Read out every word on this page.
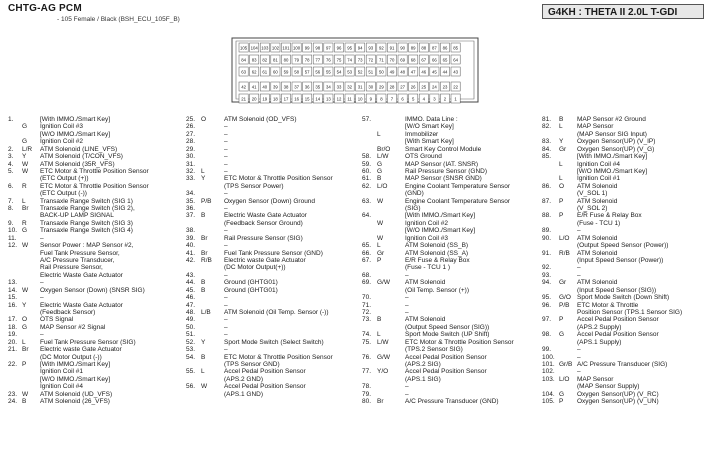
CHTG-AG PCM
- 105 Female / Black (BSH_ECU_105F_B)
G4KH : THETA II 2.0L T-GDI
105 104 103 102 101 100 99 98 97 96 95 94 93 92 91 90 89 88 87 86 85
84 83 82 81 80 79 78 77 76 75 74 73 72 71 70 69 68 67 66 65 64
63 62 61 60 59 58 57 56 55 54 53 52 51 50 49 48 47 46 45 44 43
42 41 40 39 38 37 36 35 34 33 32 31 30 29 28 27 26 25 24 23 22
21 20 19 18 17 16 15 14 13 12 11 10 9 8 7 6 5 4 3 2 1
1.	[With IMMO./Smart Key]
G	Ignition Coil #3
[W/O IMMO./Smart Key]
G	Ignition Coil #2
2.	L/R	ATM Solenoid (LINE_VFS)
3.	Y	ATM Solenoid (T/CON_VFS)
4.	W	ATM Solenoid (35R_VFS)
5.	W	ETC Motor & Throttle Position Sensor
(ETC Output (+))
6.	R	ETC Motor & Throttle Position Sensor
(ETC Output (-))
7.	L	Transaxle Range Switch (SIG 1)
8.	Br	Transaxle Range Switch (SIG 2),
BACK-UP LAMP SIGNAL
9.	R	Transaxle Range Switch (SIG 3)
10. G	Transaxle Range Switch (SIG 4)
11.	–
12. W	Sensor Power : MAP Sensor #2,
Fuel Tank Pressure Sensor,
A/C Pressure Transducer,
Rail Pressure Sensor,
Electric Waste Gate Actuator
13.	–
14. W	Oxygen Sensor (Down) (SNSR SIG)
15.	–
16. Y	Electric Waste Gate Actuator
(Feedback Sensor)
17. O	OTS Signal
18. G	MAP Sensor #2 Signal
19.	–
20. L	Fuel Tank Pressure Sensor (SIG)
21. Br	Electric waste Gate Actuator
(DC Motor Output (-))
22. P	[With IMMO./Smart Key]
Ignition Coil #1
[W/O IMMO./Smart Key]
Ignition Coil #4
23. W	ATM Solenoid (UD_VFS)
24. B	ATM Solenoid (26_VFS)
25. O	ATM Solenoid (OD_VFS)
26.	–
27.	–
28.	–
29.	–
30.	–
31.	–
32. L	–
33. Y	ETC Motor & Throttle Position Sensor
(TPS Sensor Power)
34.	–
35. P/B	Oxygen Sensor (Down) Ground
36.	–
37. B	Electric Waste Gate Actuator
(Feedback Sensor Ground)
38.	–
39. Br	Rail Pressure Sensor (SIG)
40.	–
41. Br	Fuel Tank Pressure Sensor (GND)
42. R/B	Electric waste Gate Actuator
(DC Motor Output(+))
43.	–
44. B	Ground (GHTG01)
45. B	Ground (GHTG01)
46.	–
47.	–
48. L/B	ATM Solenoid (Oil Temp. Sensor (-))
49.	–
50.	–
51.	–
52. Y	Sport Mode Switch (Select Switch)
53.	–
54. B	ETC Motor & Throttle Position Sensor
(TPS Sensor GND)
55. L	Accel Pedal Position Sensor
(APS.2 GND)
56. W	Accel Pedal Position Sensor
(APS.1 GND)
57.	IMMO. Data Line :
[W/O Smart Key]
L	Immobilizer
[With Smart Key]
Br/O	Smart Key Control Module
58. L/W	OTS Ground
59. G	MAP Sensor (IAT. SNSR)
60. G	Rail Pressure Sensor (GND)
61. B	MAP Sensor (SNSR GND)
62. L/O	Engine Coolant Temperature Sensor
(GND)
63. W	Engine Coolant Temperature Sensor
(SIG)
64.	[With IMMO./Smart Key]
W	Ignition Coil #2
[W/O IMMO./Smart Key]
W	Ignition Coil #3
65. L	ATM Solenoid (SS_B)
66. Gr	ATM Solenoid (SS_A)
67. P	E/R Fuse & Relay Box
(Fuse - TCU 1 )
68.	–
69. G/W	ATM Solenoid
(Oil Temp. Sensor (+))
70.	–
71.	–
72.	–
73. B	ATM Solenoid
(Output Speed Sensor (SIG))
74. L	Sport Mode Switch (UP Shift)
75. L/W	ETC Motor & Throttle Position Sensor
(TPS.2 Sensor SIG)
76. G/W	Accel Pedal Position Sensor
(APS.2 SIG)
77. Y/O	Accel Pedal Position Sensor
(APS.1 SIG)
78.	–
79.	–
80. Br	A/C Pressure Transducer (GND)
81.	B	MAP Sensor #2 Ground
82.	L	MAP Sensor
(MAP Sensor SIG Input)
83.	Y	Oxygen Sensor(UP) (V_IP)
84.	Gr	Oxygen Sensor(UP) (V_G)
85.	[With IMMO./Smart Key]
L	Ignition Coil #4
[W/O IMMO./Smart Key]
L	Ignition Coil #1
86.	O	ATM Solenoid
(V_SOL 1)
87.	P	ATM Solenoid
(V_SOL 2)
88.	P	E/R Fuse & Relay Box
(Fuse - TCU 1)
89.	–
90.	L/O	ATM Solenoid
(Output Speed Sensor (Power))
91.	R/B	ATM Solenoid
(Input Speed Sensor (Power))
92.	–
93.	–
94.	Gr	ATM Solenoid
(Input Speed Sensor (SIG))
95.	G/O Sport Mode Switch (Down Shift)
96.	P/B	ETC Motor & Throttle
Position Sensor (TPS.1 Sensor SIG)
97.	P	Accel Pedal Position Sensor
(APS.2 Supply)
98.	G	Accel Pedal Position Sensor
(APS.1 Supply)
99.	–
100.	–
101. Gr/B A/C Pressure Transducer (SIG)
102.	–
103. L/O	MAP Sensor
(MAP Sensor Supply)
104. G	Oxygen Sensor(UP) (V_RC)
105. P	Oxygen Sensor(UP) (V_UN)
